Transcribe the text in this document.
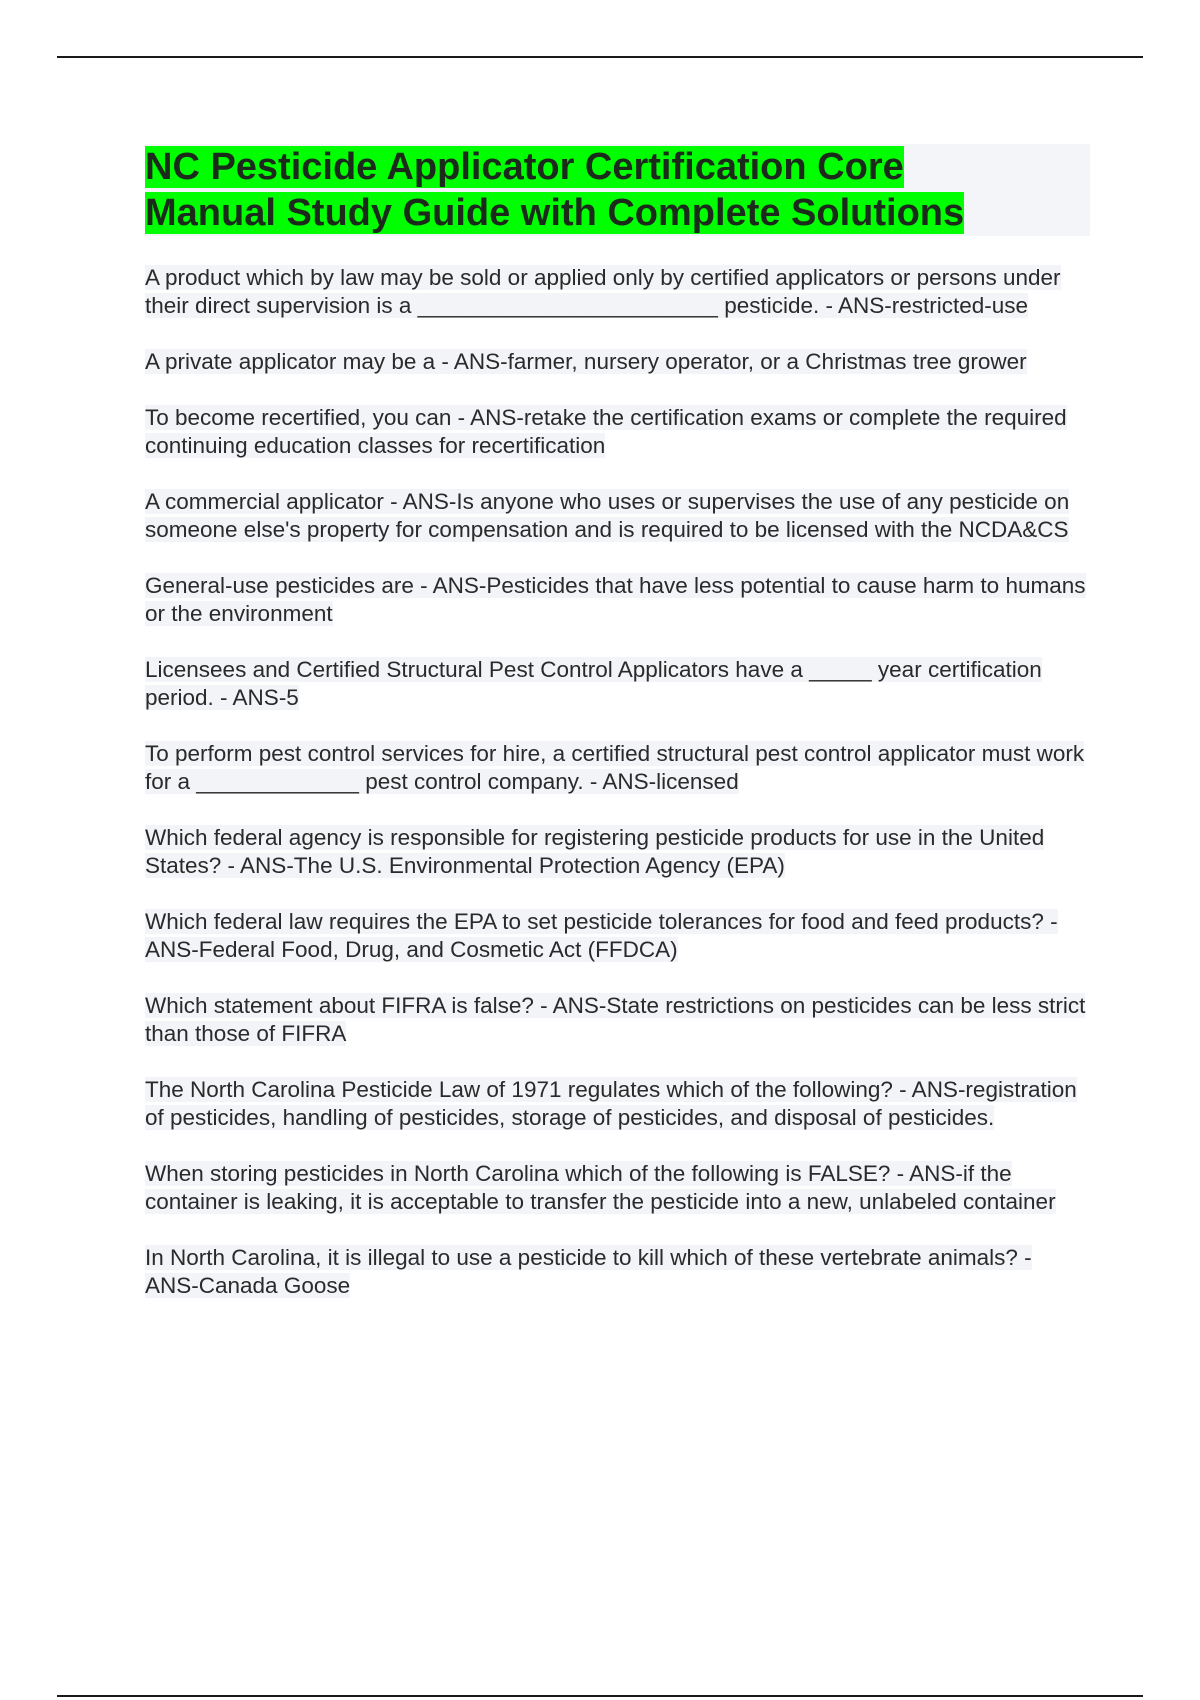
NC Pesticide Applicator Certification Core
Manual Study Guide with Complete Solutions

A product which by law may be sold or applied only by certified applicators or persons under their direct supervision is a ________________________ pesticide. - ANS-restricted-use

A private applicator may be a - ANS-farmer, nursery operator, or a Christmas tree grower

To become recertified, you can - ANS-retake the certification exams or complete the required continuing education classes for recertification

A commercial applicator - ANS-Is anyone who uses or supervises the use of any pesticide on someone else's property for compensation and is required to be licensed with the NCDA&CS

General-use pesticides are - ANS-Pesticides that have less potential to cause harm to humans or the environment

Licensees and Certified Structural Pest Control Applicators have a _____ year certification period. - ANS-5

To perform pest control services for hire, a certified structural pest control applicator must work for a _____________ pest control company. - ANS-licensed

Which federal agency is responsible for registering pesticide products for use in the United States? - ANS-The U.S. Environmental Protection Agency (EPA)

Which federal law requires the EPA to set pesticide tolerances for food and feed products? - ANS-Federal Food, Drug, and Cosmetic Act (FFDCA)

Which statement about FIFRA is false? - ANS-State restrictions on pesticides can be less strict than those of FIFRA

The North Carolina Pesticide Law of 1971 regulates which of the following? - ANS-registration of pesticides, handling of pesticides, storage of pesticides, and disposal of pesticides.

When storing pesticides in North Carolina which of the following is FALSE? - ANS-if the container is leaking, it is acceptable to transfer the pesticide into a new, unlabeled container

In North Carolina, it is illegal to use a pesticide to kill which of these vertebrate animals? - ANS-Canada Goose
